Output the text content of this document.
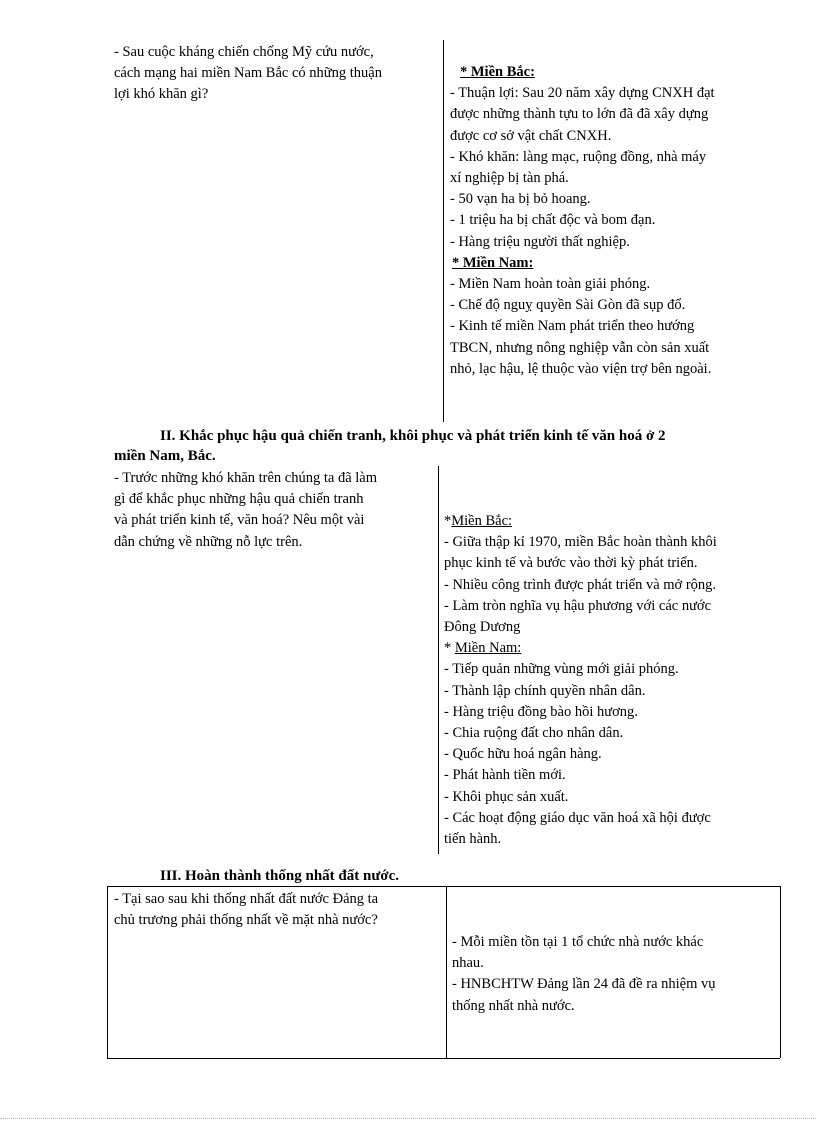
- Sau cuộc kháng chiến chống Mỹ cứu nước,
cách mạng hai miền Nam Bắc có những thuận
lợi khó khăn gì?
* Miền Bắc:
- Thuận lợi: Sau 20 năm xây dựng CNXH đạt
được những thành tựu to lớn đã đã xây dựng
được cơ sở vật chất CNXH.
- Khó khăn: làng mạc, ruộng đồng, nhà máy
xí nghiệp bị tàn phá.
- 50 vạn ha bị bỏ hoang.
- 1 triệu ha bị chất độc và bom đạn.
- Hàng triệu người thất nghiệp.
* Miền Nam:
- Miền Nam hoàn toàn giải phóng.
- Chế độ nguỵ quyền Sài Gòn đã sụp đổ.
- Kinh tế miền Nam phát triển theo hướng
TBCN, nhưng nông nghiệp vẫn còn sản xuất
nhỏ, lạc hậu, lệ thuộc vào viện trợ bên ngoài.
II. Khắc phục hậu quả chiến tranh, khôi phục và phát triển kinh tế văn hoá ở 2
miền Nam, Bắc.
- Trước những khó khăn trên chúng ta đã làm
gì để khắc phục những hậu quả chiến tranh
và phát triển kinh tế, văn hoá? Nêu một vài
dẫn chứng về những nỗ lực trên.
*Miền Bắc:
- Giữa thập kỉ 1970, miền Bắc hoàn thành khôi
phục kinh tế và bước vào thời kỳ phát triển.
- Nhiều công trình được phát triển và mở rộng.
- Làm tròn nghĩa vụ hậu phương với các nước
Đông Dương
* Miền Nam:
- Tiếp quản những vùng mới giải phóng.
- Thành lập chính quyền nhân dân.
- Hàng triệu đồng bào hồi hương.
- Chia ruộng đất cho nhân dân.
- Quốc hữu hoá ngân hàng.
- Phát hành tiền mới.
- Khôi phục sản xuất.
- Các hoạt động giáo dục văn hoá xã hội được
tiến hành.
III. Hoàn thành thống nhất đất nước.
- Tại sao sau khi thống nhất đất nước Đảng ta
chủ trương phải thống nhất về mặt nhà nước?
- Mỗi miền tồn tại 1 tổ chức nhà nước khác
nhau.
- HNBCHTW Đảng lần 24 đã đề ra nhiệm vụ
thống nhất nhà nước.
